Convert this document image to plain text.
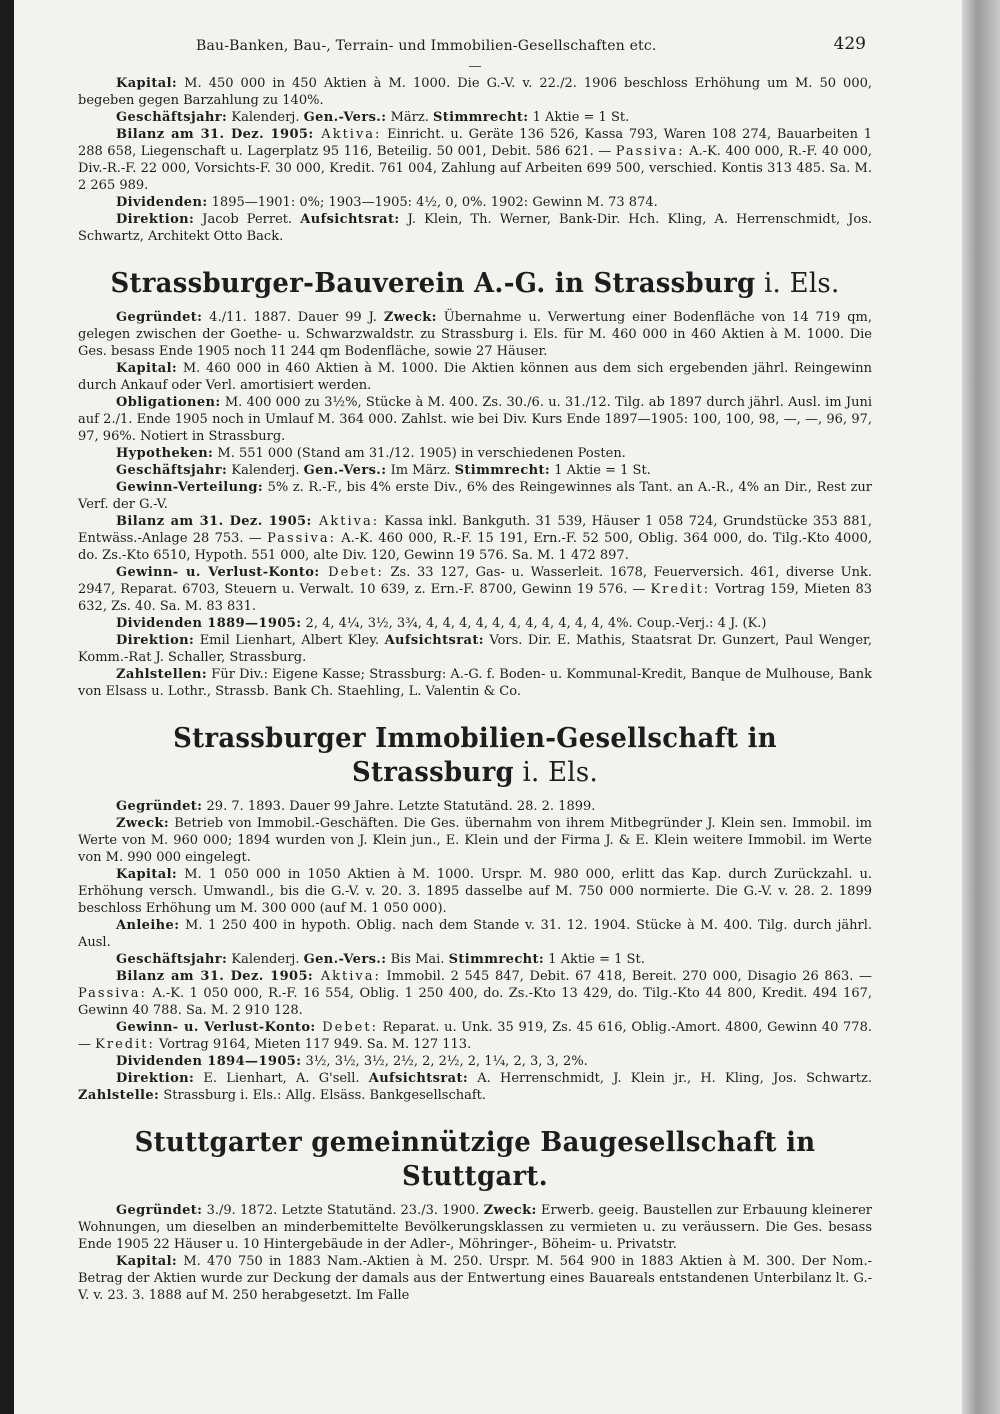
Bau-Banken, Bau-, Terrain- und Immobilien-Gesellschaften etc.	429

Kapital: M. 450 000 in 450 Aktien à M. 1000. Die G.-V. v. 22./2. 1906 beschloss Erhöhung um M. 50 000, begeben gegen Barzahlung zu 140%.

Geschäftsjahr: Kalenderj. Gen.-Vers.: März. Stimmrecht: 1 Aktie = 1 St.

Bilanz am 31. Dez. 1905: Aktiva: Einricht. u. Geräte 136 526, Kassa 793, Waren 108 274, Bauarbeiten 1 288 658, Liegenschaft u. Lagerplatz 95 116, Beteilig. 50 001, Debit. 586 621. — Passiva: A.-K. 400 000, R.-F. 40 000, Div.-R.-F. 22 000, Vorsichts-F. 30 000, Kredit. 761 004, Zahlung auf Arbeiten 699 500, verschied. Kontis 313 485. Sa. M. 2 265 989.

Dividenden: 1895—1901: 0%; 1903—1905: 4½, 0, 0%. 1902: Gewinn M. 73 874.

Direktion: Jacob Perret. Aufsichtsrat: J. Klein, Th. Werner, Bank-Dir. Hch. Kling, A. Herrenschmidt, Jos. Schwartz, Architekt Otto Back.

Strassburger-Bauverein A.-G. in Strassburg i. Els.

Gegründet: 4./11. 1887. Dauer 99 J. Zweck: Übernahme u. Verwertung einer Bodenfläche von 14 719 qm, gelegen zwischen der Goethe- u. Schwarzwaldstr. zu Strassburg i. Els. für M. 460 000 in 460 Aktien à M. 1000. Die Ges. besass Ende 1905 noch 11 244 qm Bodenfläche, sowie 27 Häuser.

Kapital: M. 460 000 in 460 Aktien à M. 1000. Die Aktien können aus dem sich ergebenden jährl. Reingewinn durch Ankauf oder Verl. amortisiert werden.

Obligationen: M. 400 000 zu 3½%, Stücke à M. 400. Zs. 30./6. u. 31./12. Tilg. ab 1897 durch jährl. Ausl. im Juni auf 2./1. Ende 1905 noch in Umlauf M. 364 000. Zahlst. wie bei Div. Kurs Ende 1897—1905: 100, 100, 98, —, —, 96, 97, 97, 96%. Notiert in Strassburg.

Hypotheken: M. 551 000 (Stand am 31./12. 1905) in verschiedenen Posten.

Geschäftsjahr: Kalenderj. Gen.-Vers.: Im März. Stimmrecht: 1 Aktie = 1 St.

Gewinn-Verteilung: 5% z. R.-F., bis 4% erste Div., 6% des Reingewinnes als Tant. an A.-R., 4% an Dir., Rest zur Verf. der G.-V.

Bilanz am 31. Dez. 1905: Aktiva: Kassa inkl. Bankguth. 31 539, Häuser 1 058 724, Grundstücke 353 881, Entwäss.-Anlage 28 753. — Passiva: A.-K. 460 000, R.-F. 15 191, Ern.-F. 52 500, Oblig. 364 000, do. Tilg.-Kto 4000, do. Zs.-Kto 6510, Hypoth. 551 000, alte Div. 120, Gewinn 19 576. Sa. M. 1 472 897.

Gewinn- u. Verlust-Konto: Debet: Zs. 33 127, Gas- u. Wasserleit. 1678, Feuerversich. 461, diverse Unk. 2947, Reparat. 6703, Steuern u. Verwalt. 10 639, z. Ern.-F. 8700, Gewinn 19 576. — Kredit: Vortrag 159, Mieten 83 632, Zs. 40. Sa. M. 83 831.

Dividenden 1889—1905: 2, 4, 4¼, 3½, 3¾, 4, 4, 4, 4, 4, 4, 4, 4, 4, 4, 4, 4%. Coup.-Verj.: 4 J. (K.)

Direktion: Emil Lienhart, Albert Kley. Aufsichtsrat: Vors. Dir. E. Mathis, Staatsrat Dr. Gunzert, Paul Wenger, Komm.-Rat J. Schaller, Strassburg.

Zahlstellen: Für Div.: Eigene Kasse; Strassburg: A.-G. f. Boden- u. Kommunal-Kredit, Banque de Mulhouse, Bank von Elsass u. Lothr., Strassb. Bank Ch. Staehling, L. Valentin & Co.

Strassburger Immobilien-Gesellschaft in Strassburg i. Els.

Gegründet: 29. 7. 1893. Dauer 99 Jahre. Letzte Statutänd. 28. 2. 1899.

Zweck: Betrieb von Immobil.-Geschäften. Die Ges. übernahm von ihrem Mitbegründer J. Klein sen. Immobil. im Werte von M. 960 000; 1894 wurden von J. Klein jun., E. Klein und der Firma J. & E. Klein weitere Immobil. im Werte von M. 990 000 eingelegt.

Kapital: M. 1 050 000 in 1050 Aktien à M. 1000. Urspr. M. 980 000, erlitt das Kap. durch Zurückzahl. u. Erhöhung versch. Umwandl., bis die G.-V. v. 20. 3. 1895 dasselbe auf M. 750 000 normierte. Die G.-V. v. 28. 2. 1899 beschloss Erhöhung um M. 300 000 (auf M. 1 050 000).

Anleihe: M. 1 250 400 in hypoth. Oblig. nach dem Stande v. 31. 12. 1904. Stücke à M. 400. Tilg. durch jährl. Ausl.

Geschäftsjahr: Kalenderj. Gen.-Vers.: Bis Mai. Stimmrecht: 1 Aktie = 1 St.

Bilanz am 31. Dez. 1905: Aktiva: Immobil. 2 545 847, Debit. 67 418, Bereit. 270 000, Disagio 26 863. — Passiva: A.-K. 1 050 000, R.-F. 16 554, Oblig. 1 250 400, do. Zs.-Kto 13 429, do. Tilg.-Kto 44 800, Kredit. 494 167, Gewinn 40 788. Sa. M. 2 910 128.

Gewinn- u. Verlust-Konto: Debet: Reparat. u. Unk. 35 919, Zs. 45 616, Oblig.-Amort. 4800, Gewinn 40 778. — Kredit: Vortrag 9164, Mieten 117 949. Sa. M. 127 113.

Dividenden 1894—1905: 3½, 3½, 3½, 2½, 2, 2½, 2, 1¼, 2, 3, 3, 2%.

Direktion: E. Lienhart, A. G'sell. Aufsichtsrat: A. Herrenschmidt, J. Klein jr., H. Kling, Jos. Schwartz. Zahlstelle: Strassburg i. Els.: Allg. Elsäss. Bankgesellschaft.

Stuttgarter gemeinnützige Baugesellschaft in Stuttgart.

Gegründet: 3./9. 1872. Letzte Statutänd. 23./3. 1900. Zweck: Erwerb. geeig. Baustellen zur Erbauung kleinerer Wohnungen, um dieselben an minderbemittelte Bevölkerungsklassen zu vermieten u. zu veräussern. Die Ges. besass Ende 1905 22 Häuser u. 10 Hintergebäude in der Adler-, Möhringer-, Böheim- u. Privatstr.

Kapital: M. 470 750 in 1883 Nam.-Aktien à M. 250. Urspr. M. 564 900 in 1883 Aktien à M. 300. Der Nom.-Betrag der Aktien wurde zur Deckung der damals aus der Entwertung eines Bauareals entstandenen Unterbilanz lt. G.-V. v. 23. 3. 1888 auf M. 250 herabgesetzt. Im Falle
